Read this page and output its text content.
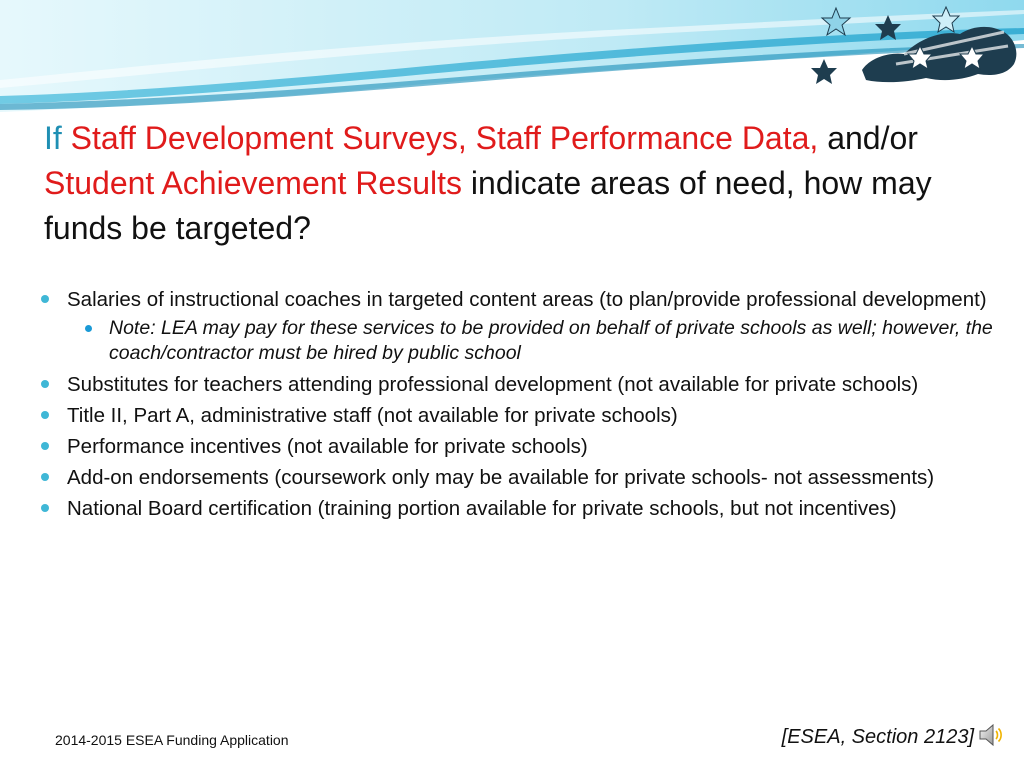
If Staff Development Surveys, Staff Performance Data, and/or Student Achievement Results indicate areas of need, how may funds be targeted?
Salaries of instructional coaches in targeted content areas (to plan/provide professional development)
Note: LEA may pay for these services to be provided on behalf of private schools as well; however, the coach/contractor must be hired by public school
Substitutes for teachers attending professional development (not available for private schools)
Title II, Part A, administrative staff (not available for private schools)
Performance incentives (not available for private schools)
Add-on endorsements (coursework only may be available for private schools- not assessments)
National Board certification (training portion available for private schools, but not incentives)
2014-2015 ESEA Funding Application	[ESEA, Section 2123]
